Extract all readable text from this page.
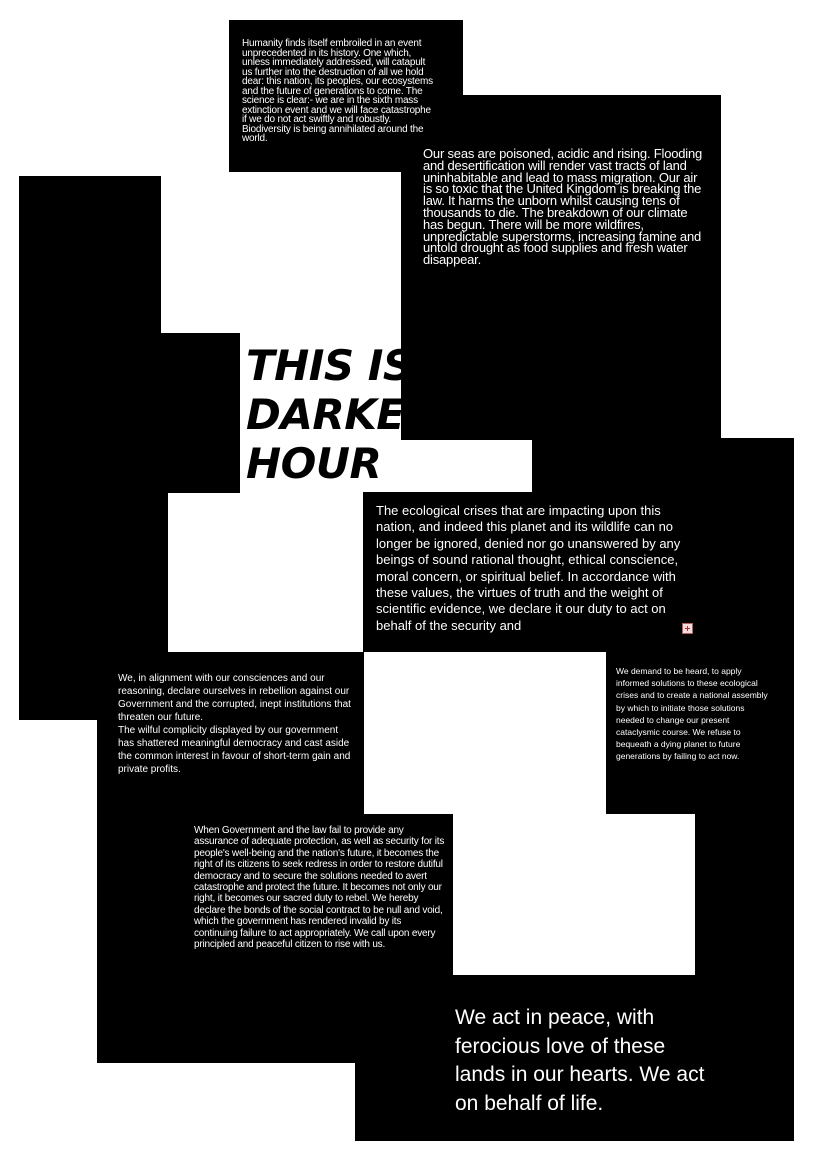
THIS IS OUR DARKEST HOUR

Humanity finds itself embroiled in an event unprecedented in its history. One which, unless immediately addressed, will catapult us further into the destruction of all we hold dear: this nation, its peoples, our ecosystems and the future of generations to come. The science is clear:- we are in the sixth mass extinction event and we will face catastrophe if we do not act swiftly and robustly. Biodiversity is being annihilated around the world.

Our seas are poisoned, acidic and rising. Flooding and desertification will render vast tracts of land uninhabitable and lead to mass migration. Our air is so toxic that the United Kingdom is breaking the law. It harms the unborn whilst causing tens of thousands to die. The breakdown of our climate has begun. There will be more wildfires, unpredictable superstorms, increasing famine and untold drought as food supplies and fresh water disappear.

The ecological crises that are impacting upon this nation, and indeed this planet and its wildlife can no longer be ignored, denied nor go unanswered by any beings of sound rational thought, ethical conscience, moral concern, or spiritual belief. In accordance with these values, the virtues of truth and the weight of scientific evidence, we declare it our duty to act on behalf of the security and

We, in alignment with our consciences and our reasoning, declare ourselves in rebellion against our Government and the corrupted, inept institutions that threaten our future.

The wilful complicity displayed by our government has shattered meaningful democracy and cast aside the common interest in favour of short-term gain and private profits.

We demand to be heard, to apply informed solutions to these ecological crises and to create a national assembly by which to initiate those solutions needed to change our present cataclysmic course. We refuse to bequeath a dying planet to future generations by failing to act now.

When Government and the law fail to provide any assurance of adequate protection, as well as security for its people's well-being and the nation's future, it becomes the right of its citizens to seek redress in order to restore dutiful democracy and to secure the solutions needed to avert catastrophe and protect the future. It becomes not only our right, it becomes our sacred duty to rebel. We hereby declare the bonds of the social contract to be null and void, which the government has rendered invalid by its continuing failure to act appropriately. We call upon every principled and peaceful citizen to rise with us.

We act in peace, with ferocious love of these lands in our hearts. We act on behalf of life.
